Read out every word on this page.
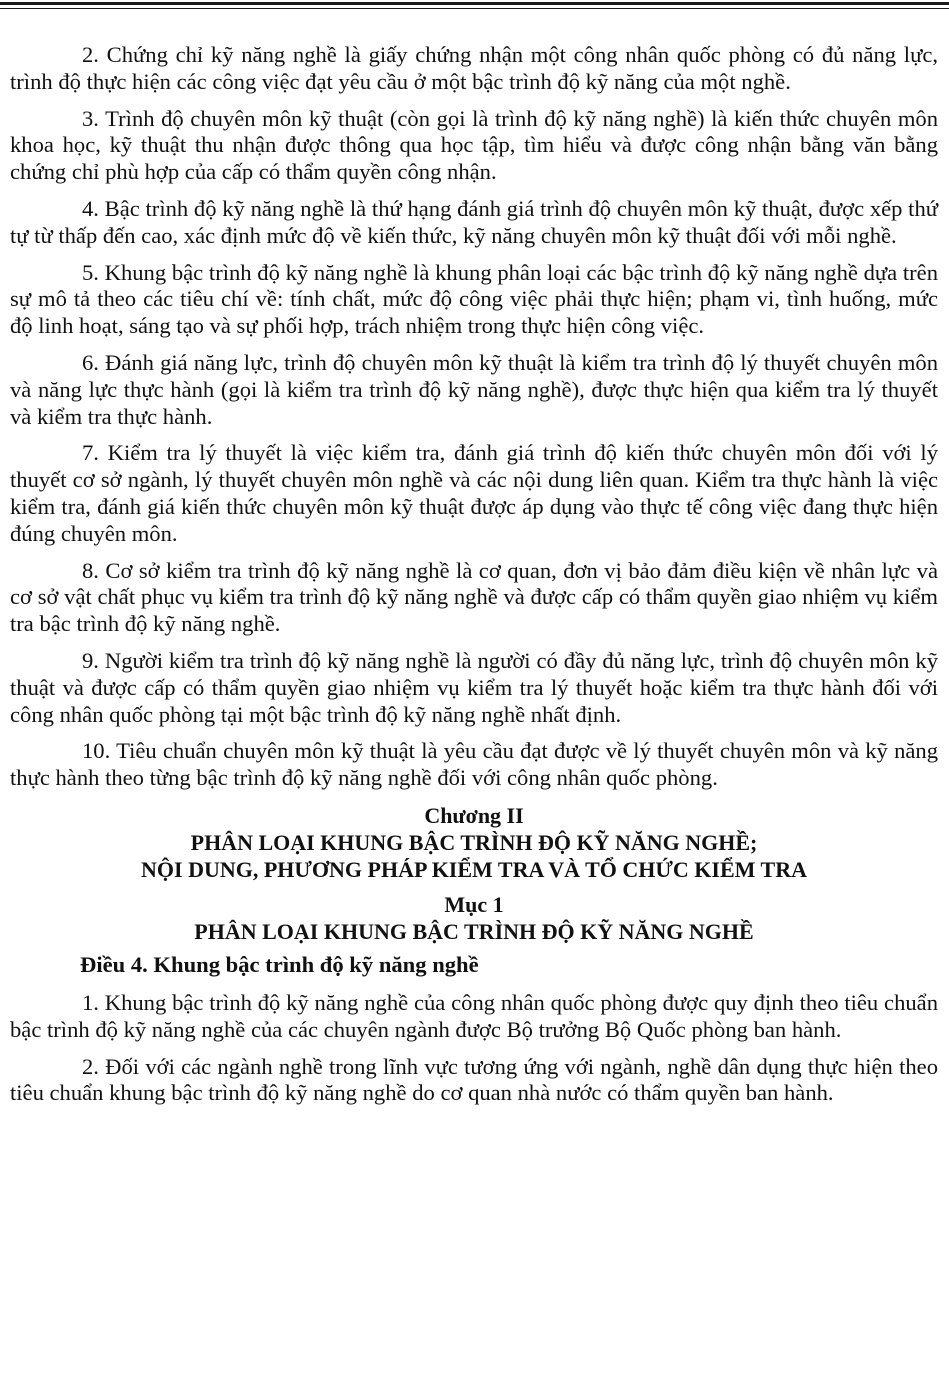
2. Chứng chỉ kỹ năng nghề là giấy chứng nhận một công nhân quốc phòng có đủ năng lực, trình độ thực hiện các công việc đạt yêu cầu ở một bậc trình độ kỹ năng của một nghề.

3. Trình độ chuyên môn kỹ thuật (còn gọi là trình độ kỹ năng nghề) là kiến thức chuyên môn khoa học, kỹ thuật thu nhận được thông qua học tập, tìm hiểu và được công nhận bằng văn bằng chứng chỉ phù hợp của cấp có thẩm quyền công nhận.

4. Bậc trình độ kỹ năng nghề là thứ hạng đánh giá trình độ chuyên môn kỹ thuật, được xếp thứ tự từ thấp đến cao, xác định mức độ về kiến thức, kỹ năng chuyên môn kỹ thuật đối với mỗi nghề.

5. Khung bậc trình độ kỹ năng nghề là khung phân loại các bậc trình độ kỹ năng nghề dựa trên sự mô tả theo các tiêu chí về: tính chất, mức độ công việc phải thực hiện; phạm vi, tình huống, mức độ linh hoạt, sáng tạo và sự phối hợp, trách nhiệm trong thực hiện công việc.

6. Đánh giá năng lực, trình độ chuyên môn kỹ thuật là kiểm tra trình độ lý thuyết chuyên môn và năng lực thực hành (gọi là kiểm tra trình độ kỹ năng nghề), được thực hiện qua kiểm tra lý thuyết và kiểm tra thực hành.

7. Kiểm tra lý thuyết là việc kiểm tra, đánh giá trình độ kiến thức chuyên môn đối với lý thuyết cơ sở ngành, lý thuyết chuyên môn nghề và các nội dung liên quan. Kiểm tra thực hành là việc kiểm tra, đánh giá kiến thức chuyên môn kỹ thuật được áp dụng vào thực tế công việc đang thực hiện đúng chuyên môn.

8. Cơ sở kiểm tra trình độ kỹ năng nghề là cơ quan, đơn vị bảo đảm điều kiện về nhân lực và cơ sở vật chất phục vụ kiểm tra trình độ kỹ năng nghề và được cấp có thẩm quyền giao nhiệm vụ kiểm tra bậc trình độ kỹ năng nghề.

9. Người kiểm tra trình độ kỹ năng nghề là người có đầy đủ năng lực, trình độ chuyên môn kỹ thuật và được cấp có thẩm quyền giao nhiệm vụ kiểm tra lý thuyết hoặc kiểm tra thực hành đối với công nhân quốc phòng tại một bậc trình độ kỹ năng nghề nhất định.

10. Tiêu chuẩn chuyên môn kỹ thuật là yêu cầu đạt được về lý thuyết chuyên môn và kỹ năng thực hành theo từng bậc trình độ kỹ năng nghề đối với công nhân quốc phòng.

Chương II

PHÂN LOẠI KHUNG BẬC TRÌNH ĐỘ KỸ NĂNG NGHỀ;

NỘI DUNG, PHƯƠNG PHÁP KIỂM TRA VÀ TỔ CHỨC KIỂM TRA

Mục 1

PHÂN LOẠI KHUNG BẬC TRÌNH ĐỘ KỸ NĂNG NGHỀ

Điều 4. Khung bậc trình độ kỹ năng nghề

1. Khung bậc trình độ kỹ năng nghề của công nhân quốc phòng được quy định theo tiêu chuẩn bậc trình độ kỹ năng nghề của các chuyên ngành được Bộ trưởng Bộ Quốc phòng ban hành.

2. Đối với các ngành nghề trong lĩnh vực tương ứng với ngành, nghề dân dụng thực hiện theo tiêu chuẩn khung bậc trình độ kỹ năng nghề do cơ quan nhà nước có thẩm quyền ban hành.
